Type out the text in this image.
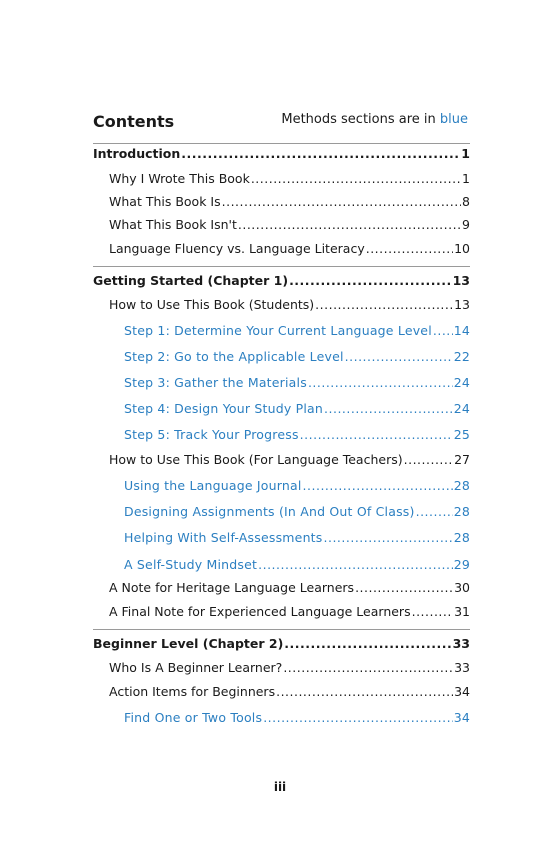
Contents	Methods sections are in blue
Introduction .....	1
Why I Wrote This Book .....	1
What This Book Is .....	8
What This Book Isn't .....	9
Language Fluency vs. Language Literacy .....	10
Getting Started (Chapter 1) .....	13
How to Use This Book (Students) .....	13
Step 1: Determine Your Current Language Level ..... 14
Step 2: Go to the Applicable Level .....	22
Step 3: Gather the Materials .....	24
Step 4: Design Your Study Plan .....	24
Step 5: Track Your Progress .....	25
How to Use This Book (For Language Teachers) .....	27
Using the Language Journal .....	28
Designing Assignments (In And Out Of Class) .....	28
Helping With Self-Assessments .....	28
A Self-Study Mindset .....	29
A Note for Heritage Language Learners .....	30
A Final Note for Experienced Language Learners .....	31
Beginner Level (Chapter 2) .....	33
Who Is A Beginner Learner? .....	33
Action Items for Beginners .....	34
Find One or Two Tools .....	34
iii
